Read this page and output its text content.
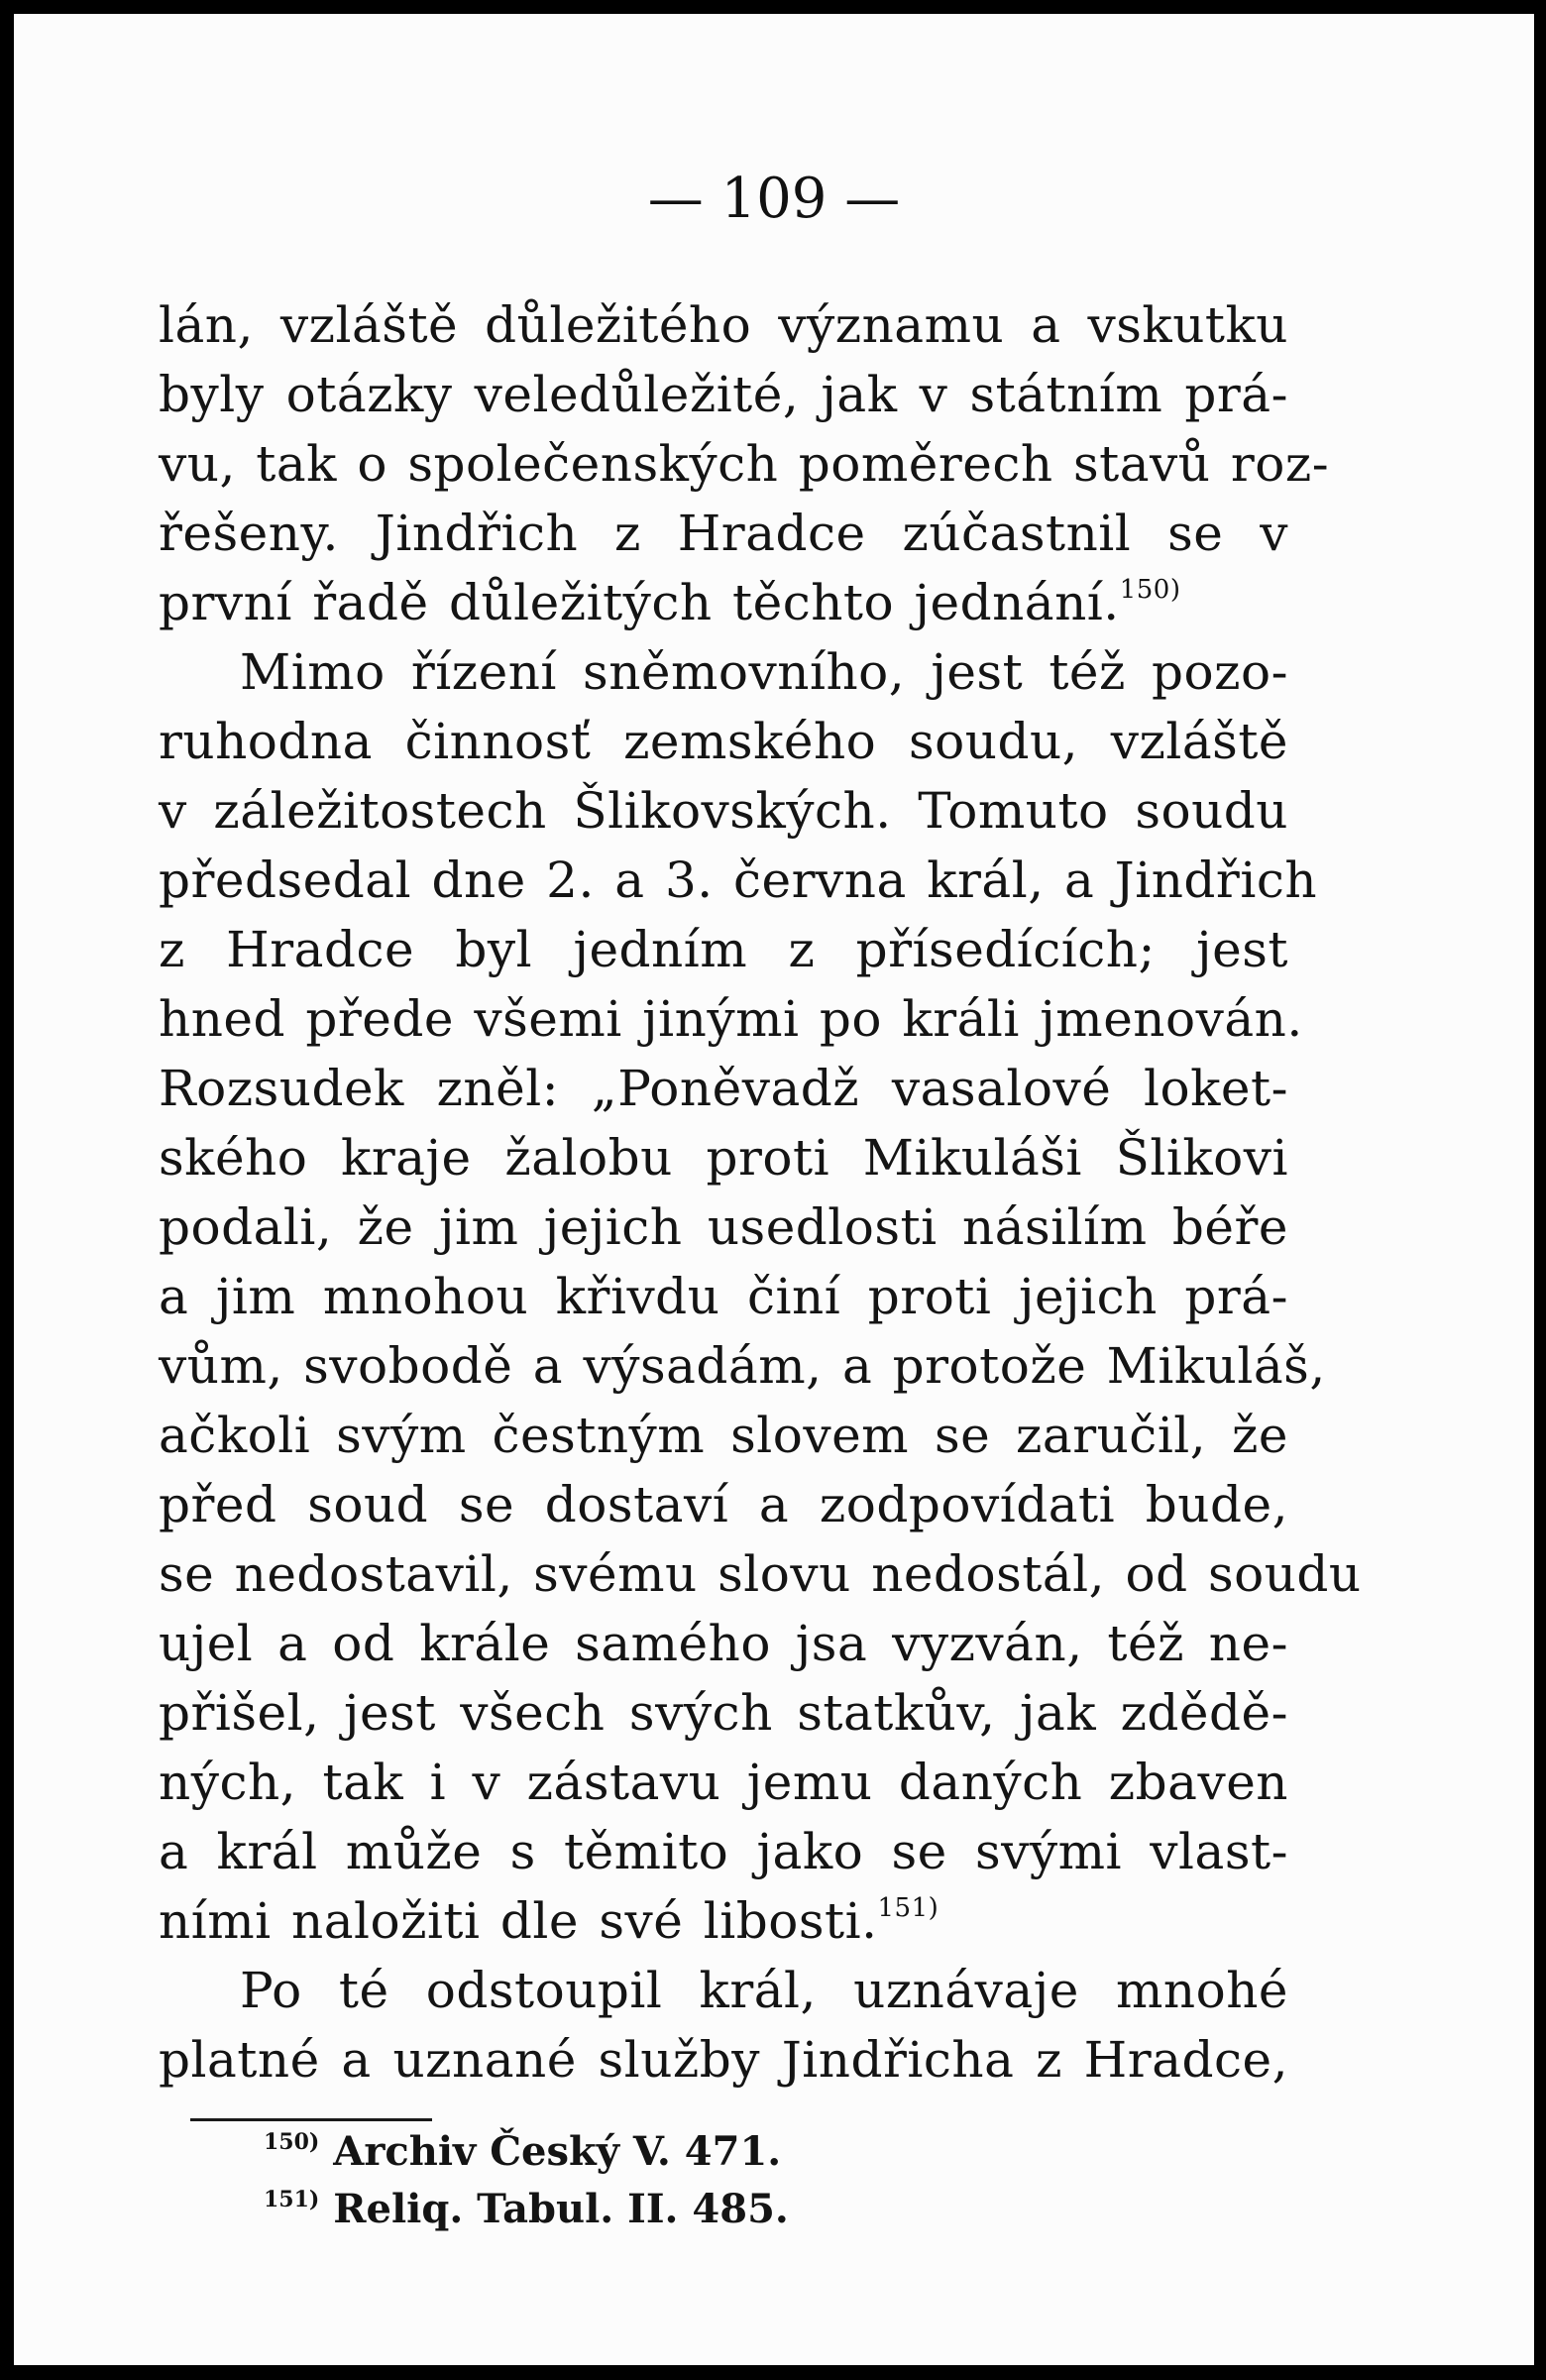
— 109 —
lán, vzláště důležitého významu a vskutku
byly otázky veledůležité, jak v státním prá-
vu, tak o společenských poměrech stavů roz-
řešeny. Jindřich z Hradce zúčastnil se v
první řadě důležitých těchto jednání.$^{150)}$
Mimo řízení sněmovního, jest též pozo-
ruhodna činnosť zemského soudu, vzláště
v záležitostech Šlikovských. Tomuto soudu
předsedal dne 2. a 3. června král, a Jindřich
z Hradce byl jedním z přísedících; jest
hned přede všemi jinými po králi jmenován.
Rozsudek zněl: „Poněvadž vasalové loket-
ského kraje žalobu proti Mikuláši Šlikovi
podali, že jim jejich usedlosti násilím béře
a jim mnohou křivdu činí proti jejich prá-
vům, svobodě a výsadám, a protože Mikuláš,
ačkoli svým čestným slovem se zaručil, že
před soud se dostaví a zodpovídati bude,
se nedostavil, svému slovu nedostál, od soudu
ujel a od krále samého jsa vyzván, též ne-
přišel, jest všech svých statkův, jak zdědě-
ných, tak i v zástavu jemu daných zbaven
a král může s těmito jako se svými vlast-
ními naložiti dle své libosti.$^{151)}$
Po té odstoupil král, uznávaje mnohé
platné a uznané služby Jindřicha z Hradce,
$^{150)}$ Archiv Český V. 471.
$^{151)}$ Reliq. Tabul. II. 485.
